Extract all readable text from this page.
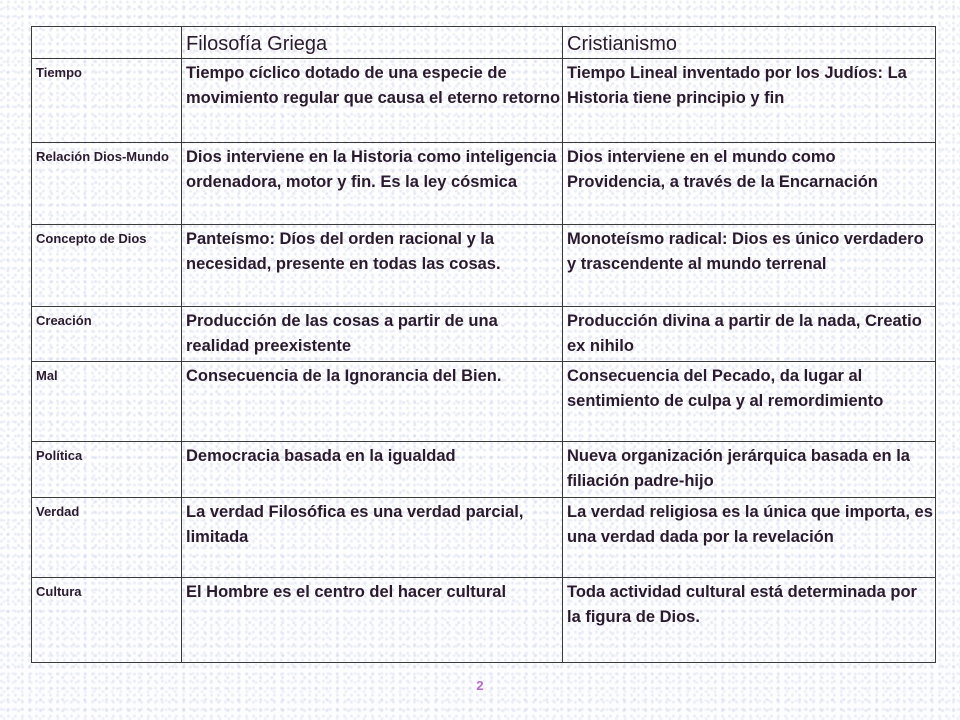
	Filosofía Griega	Cristianismo
Tiempo	Tiempo cíclico dotado de una especie de movimiento regular que causa el eterno retorno	Tiempo Lineal inventado por los Judíos: La Historia tiene principio y fin
Relación Dios-Mundo	Dios interviene en la Historia como inteligencia ordenadora, motor y fin. Es la ley cósmica	Dios interviene en el mundo como Providencia, a través de la Encarnación
Concepto de Dios	Panteísmo: Díos del orden racional y la necesidad, presente en todas las cosas.	Monoteísmo radical: Dios es único verdadero y trascendente al mundo terrenal
Creación	Producción de las cosas a partir de una realidad preexistente	Producción divina a partir de la nada, Creatio ex nihilo
Mal	Consecuencia de la Ignorancia del Bien.	Consecuencia del Pecado, da lugar al sentimiento de culpa y al remordimiento
Política	Democracia basada en la igualdad	Nueva organización jerárquica basada en la filiación padre-hijo
Verdad	La verdad Filosófica es una verdad parcial, limitada	La verdad religiosa es la única que importa, es una verdad dada por la revelación
Cultura	El Hombre es el centro del hacer cultural	Toda actividad cultural está determinada por la figura de Dios.
2
